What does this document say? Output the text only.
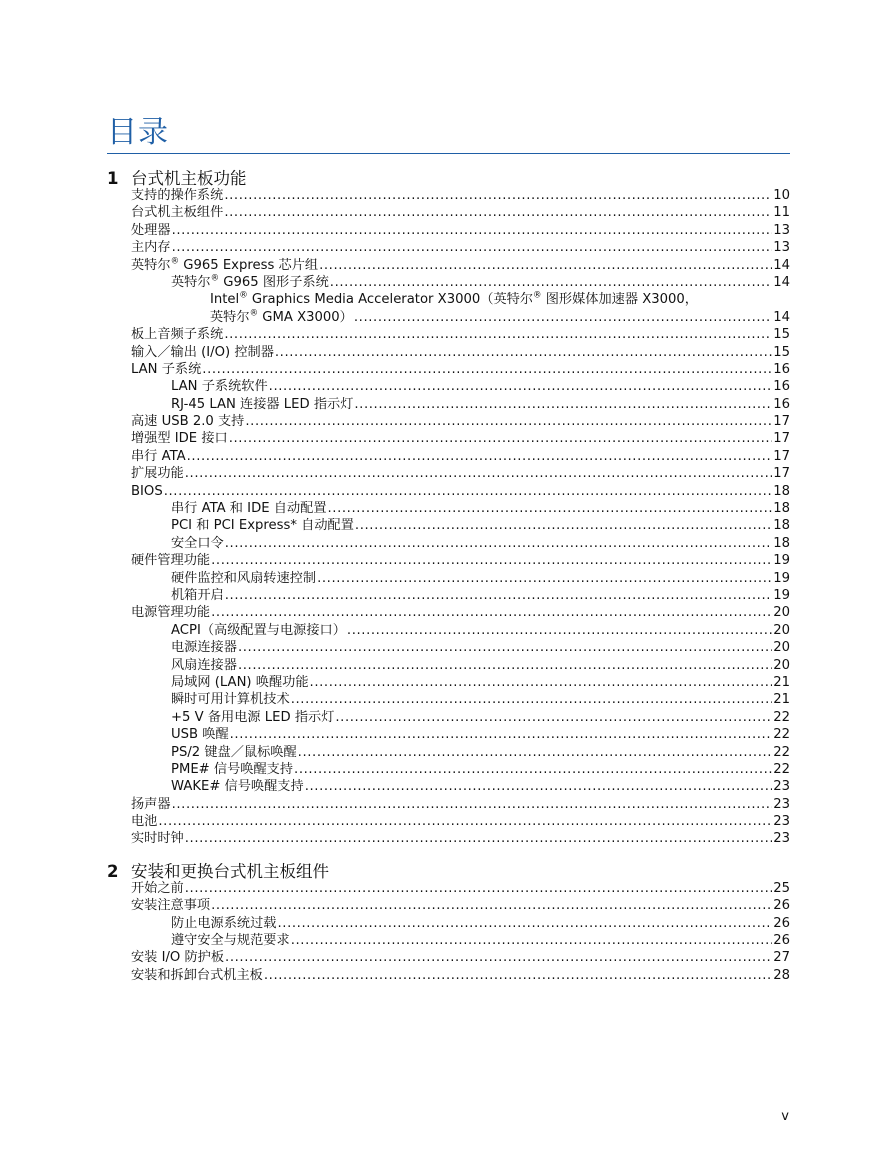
目录
1 台式机主板功能
支持的操作系统 .....	10
台式机主板组件 .....	11
处理器 .....	13
主内存 .....	13
英特尔® G965 Express 芯片组 .....	14
英特尔® G965 图形子系统 .....	14
Intel® Graphics Media Accelerator X3000（英特尔® 图形媒体加速器 X3000，
英特尔® GMA X3000） .....	14
板上音频子系统 .....	15
输入／输出 (I/O) 控制器 .....	15
LAN 子系统 .....	16
LAN 子系统软件 .....	16
RJ-45 LAN 连接器 LED 指示灯 .....	16
高速 USB 2.0 支持 .....	17
增强型 IDE 接口 .....	17
串行 ATA .....	17
扩展功能 .....	17
BIOS .....	18
串行 ATA 和 IDE 自动配置 .....	18
PCI 和 PCI Express* 自动配置 .....	18
安全口令 .....	18
硬件管理功能 .....	19
硬件监控和风扇转速控制 .....	19
机箱开启 .....	19
电源管理功能 .....	20
ACPI（高级配置与电源接口） .....	20
电源连接器 .....	20
风扇连接器 .....	20
局域网 (LAN) 唤醒功能 .....	21
瞬时可用计算机技术 .....	21
+5 V 备用电源 LED 指示灯 .....	22
USB 唤醒 .....	22
PS/2 键盘／鼠标唤醒 .....	22
PME# 信号唤醒支持 .....	22
WAKE# 信号唤醒支持 .....	23
扬声器 .....	23
电池 .....	23
实时时钟 .....	23
2 安装和更换台式机主板组件
开始之前 .....	25
安装注意事项 .....	26
防止电源系统过载 .....	26
遵守安全与规范要求 .....	26
安装 I/O 防护板 .....	27
安装和拆卸台式机主板 .....	28
v
